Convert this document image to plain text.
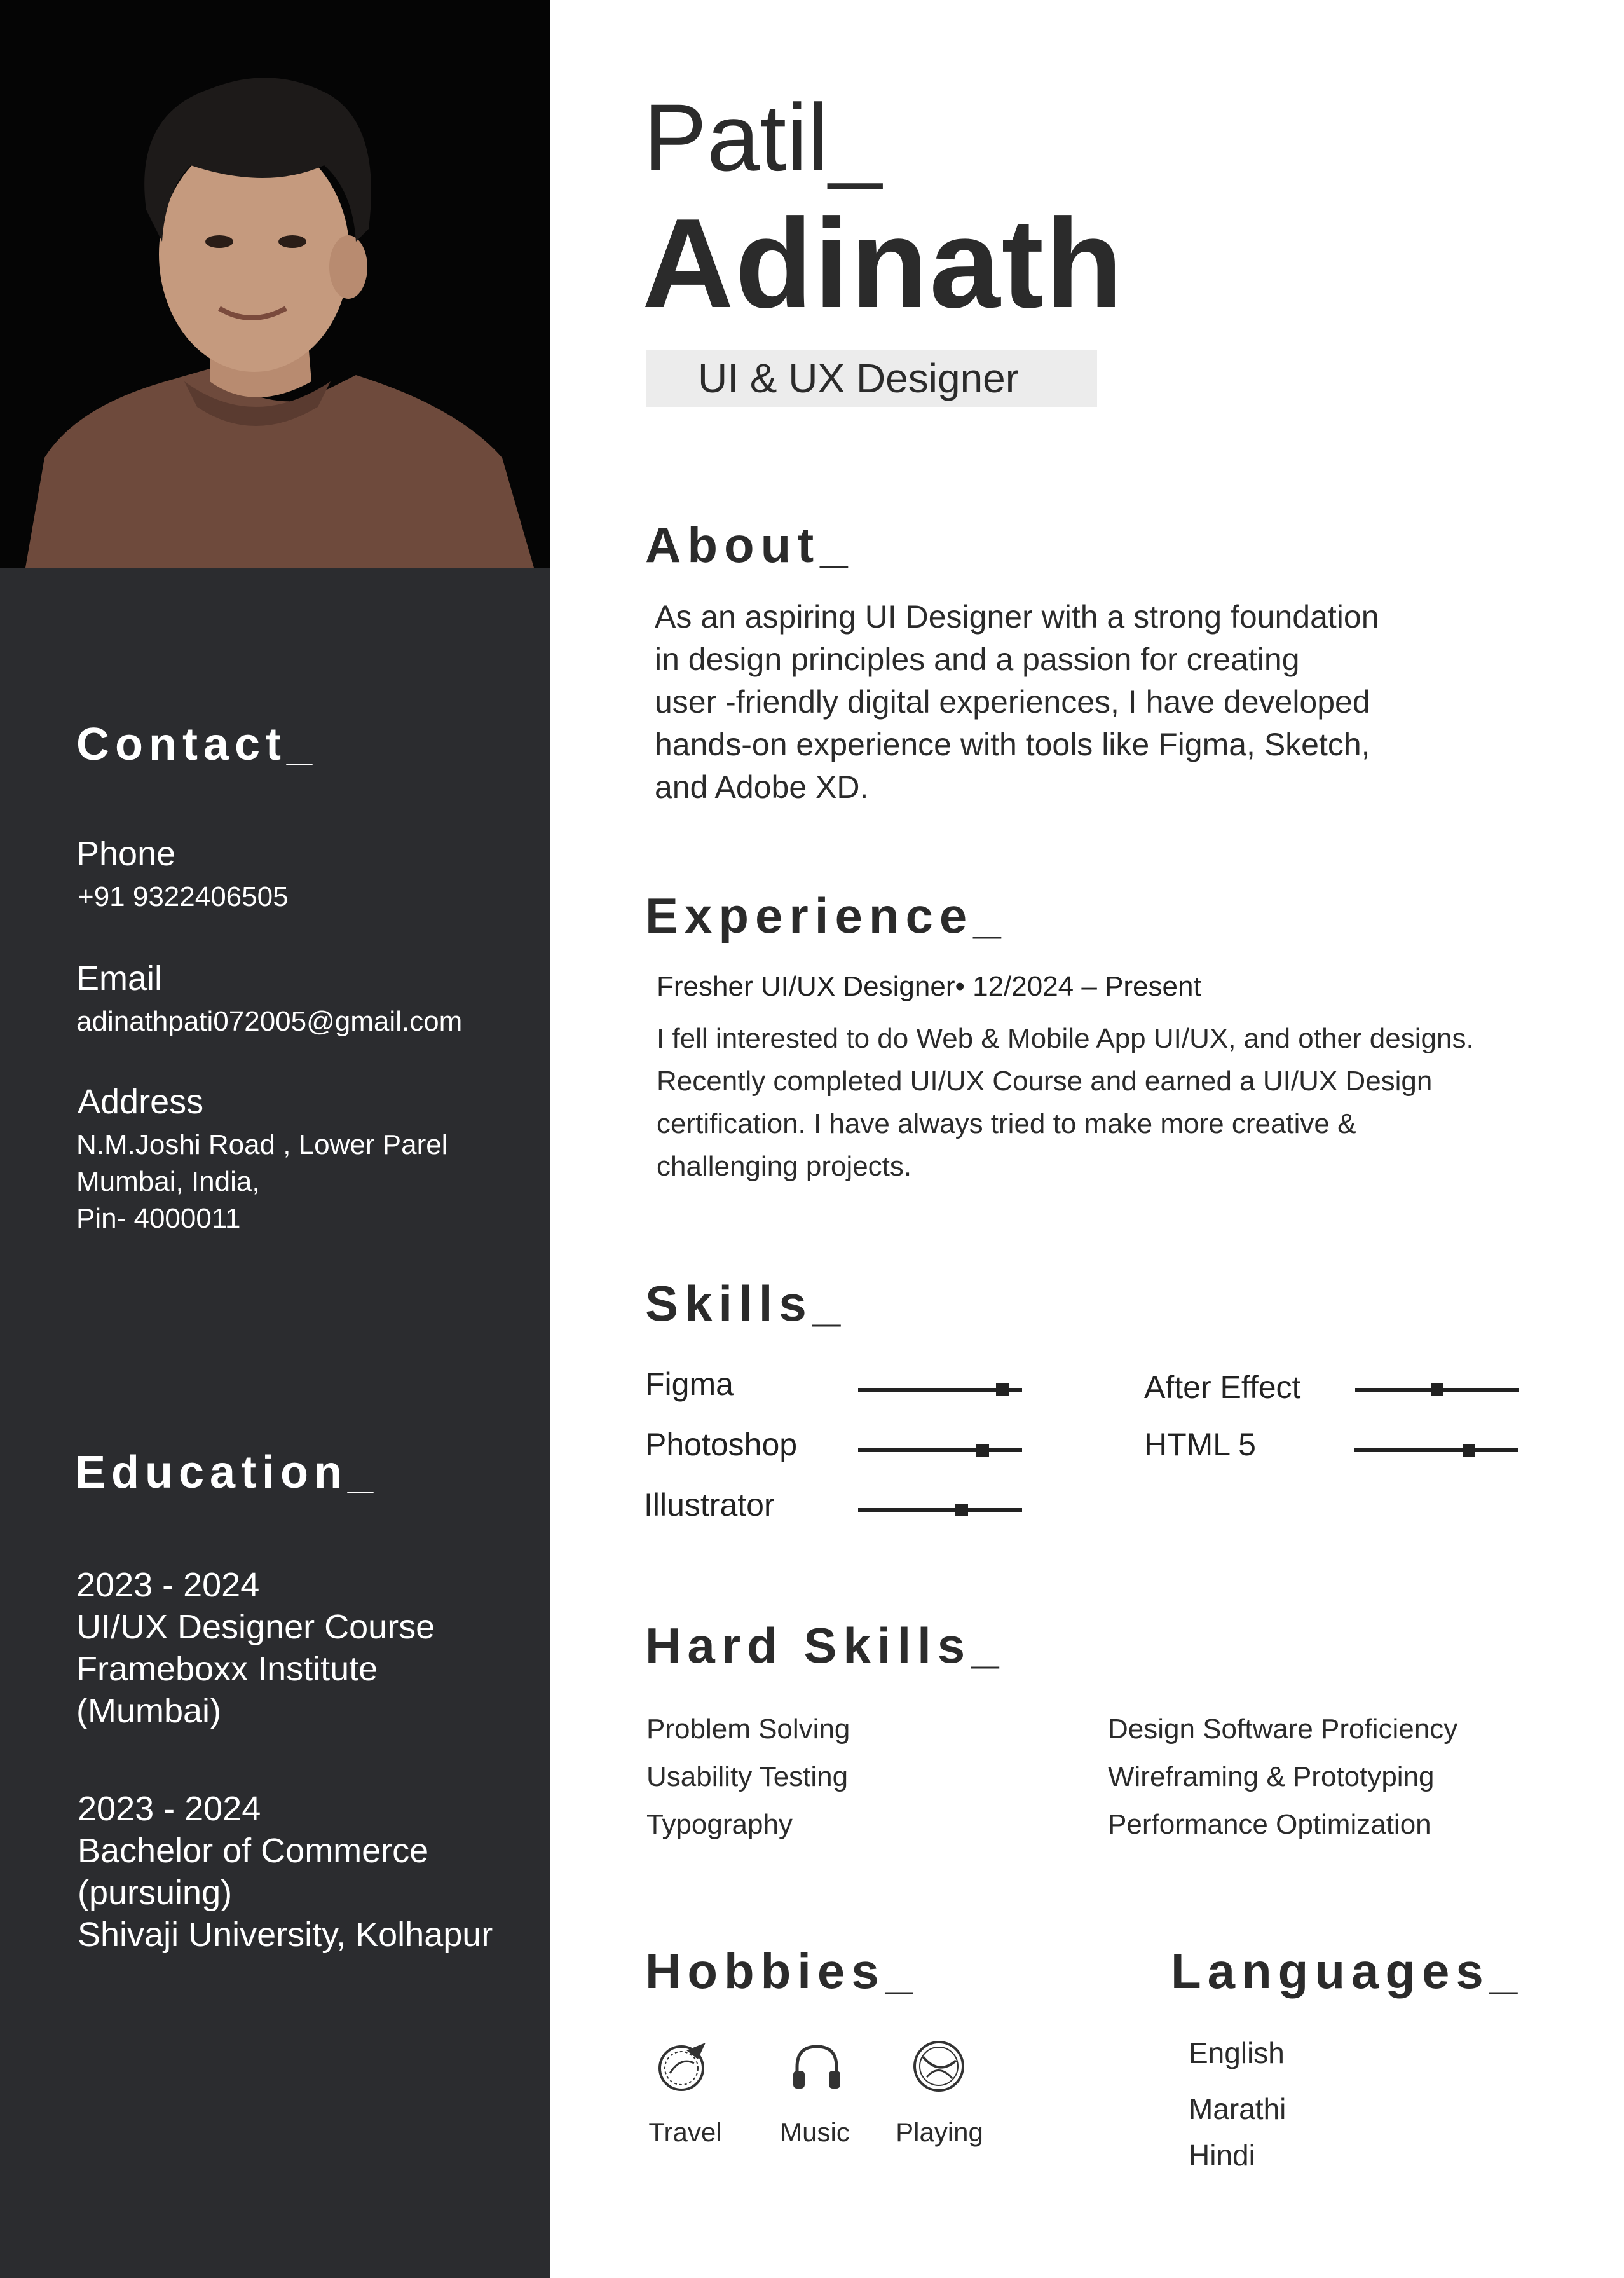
Contact_
Phone
+91 9322406505
Email
adinathpati072005@gmail.com
Address
N.M.Joshi Road , Lower Parel
Mumbai, India,
Pin- 4000011
Education_
2023 - 2024
UI/UX Designer Course
Frameboxx Institute
(Mumbai)
2023 - 2024
Bachelor of Commerce
(pursuing)
Shivaji University, Kolhapur
Patil_
Adinath
UI & UX Designer
About_
As an aspiring UI Designer with a strong foundation
in design principles and a passion for creating
user -friendly digital experiences, I have developed
hands-on experience with tools like Figma, Sketch,
and Adobe XD.
Experience_
Fresher UI/UX Designer• 12/2024 – Present
I fell interested to do Web & Mobile App UI/UX, and other designs.
Recently completed UI/UX Course and earned a UI/UX Design
certification. I have always tried to make more creative &
challenging projects.
Skills_
Figma
Photoshop
Illustrator
After Effect
HTML 5
Hard Skills_
Problem Solving
Usability Testing
Typography
Design Software Proficiency
Wireframing & Prototyping
Performance Optimization
Hobbies_	Languages_
Travel	Music	Playing
English
Marathi
Hindi
